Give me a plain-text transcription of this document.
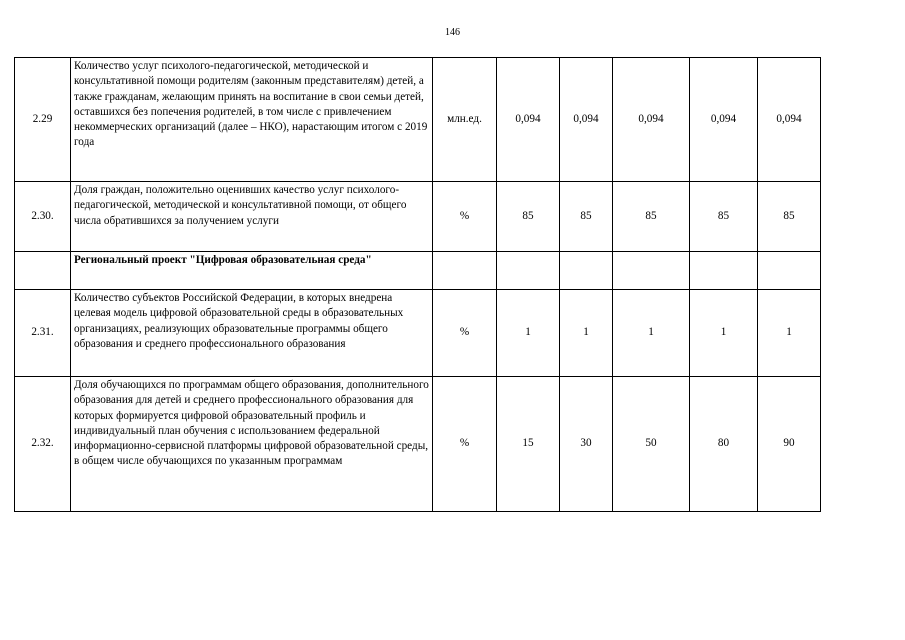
146
2.29	Количество услуг психолого-педагогической, методической и консультативной помощи родителям (законным представителям) детей, а также гражданам, желающим принять на воспитание в свои семьи детей, оставшихся без попечения родителей, в том числе с привлечением некоммерческих организаций (далее – НКО), нарастающим итогом с 2019 года	млн.ед.	0,094	0,094	0,094	0,094	0,094
2.30.	Доля граждан, положительно оценивших качество услуг психолого-педагогической, методической и консультативной помощи, от общего числа обратившихся за получением услуги	%	85	85	85	85	85
	Региональный проект "Цифровая образовательная среда"						
2.31.	Количество субъектов Российской Федерации, в которых внедрена целевая модель цифровой образовательной среды в образовательных организациях, реализующих образовательные программы общего образования и среднего профессионального образования	%	1	1	1	1	1
2.32.	Доля обучающихся по программам общего образования, дополнительного образования для детей и среднего профессионального образования для которых формируется цифровой образовательный профиль и индивидуальный план обучения с использованием федеральной информационно-сервисной платформы цифровой образовательной среды, в общем числе обучающихся по указанным программам	%	15	30	50	80	90
